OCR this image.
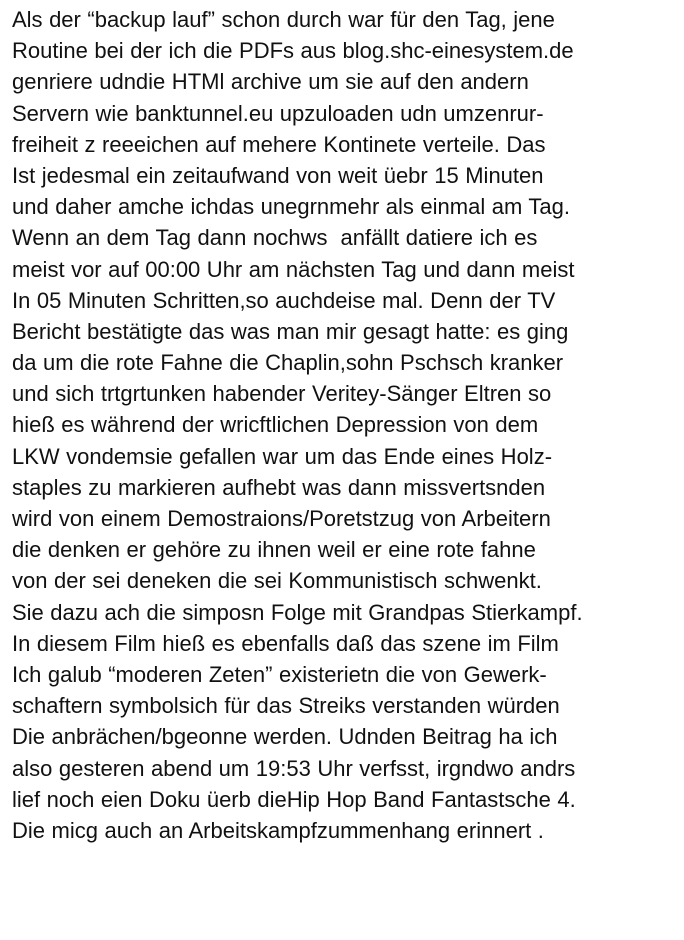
Als der “backup lauf” schon durch war für den Tag, jene
Routine bei der ich die PDFs aus blog.shc-einesystem.de
genriere udndie HTMl archive um sie auf den andern
Servern wie banktunnel.eu upzuloaden udn umzenrur-
freiheit z reeeichen auf mehere Kontinete verteile. Das
Ist jedesmal ein zeitaufwand von weit üebr 15 Minuten
und daher amche ichdas unegrnmehr als einmal am Tag.
Wenn an dem Tag dann nochws  anfällt datiere ich es
meist vor auf 00:00 Uhr am nächsten Tag und dann meist
In 05 Minuten Schritten,so auchdeise mal. Denn der TV
Bericht bestätigte das was man mir gesagt hatte: es ging
da um die rote Fahne die Chaplin,sohn Pschsch kranker
und sich trtgrtunken habender Veritey-Sänger Eltren so
hieß es während der wricftlichen Depression von dem
LKW vondemsie gefallen war um das Ende eines Holz-
staples zu markieren aufhebt was dann missvertsnden
wird von einem Demostraions/Poretstzug von Arbeitern
die denken er gehöre zu ihnen weil er eine rote fahne
von der sei deneken die sei Kommunistisch schwenkt.
Sie dazu ach die simposn Folge mit Grandpas Stierkampf.
In diesem Film hieß es ebenfalls daß das szene im Film
Ich galub “moderen Zeten” existerietn die von Gewerk-
schaftern symbolsich für das Streiks verstanden würden
Die anbrächen/bgeonne werden. Udnden Beitrag ha ich
also gesteren abend um 19:53 Uhr verfsst, irgndwo andrs
lief noch eien Doku üerb dieHip Hop Band Fantastsche 4.
Die micg auch an Arbeitskampfzummenhang erinnert .
